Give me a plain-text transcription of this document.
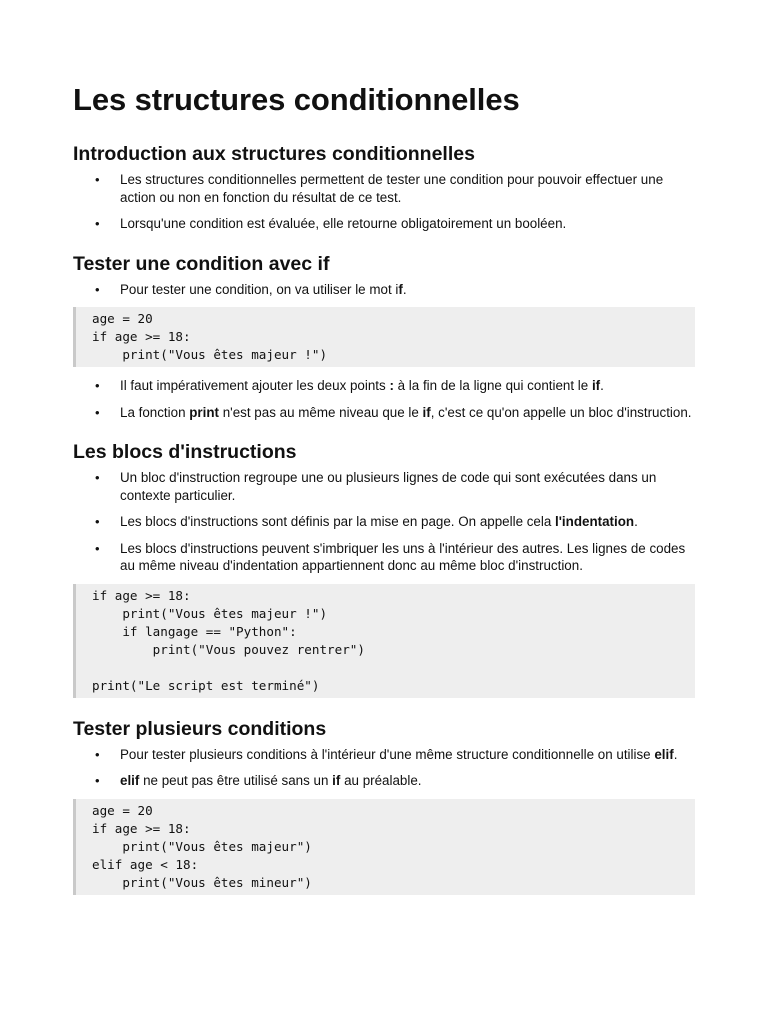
Les structures conditionnelles
Introduction aux structures conditionnelles
• Les structures conditionnelles permettent de tester une condition pour pouvoir effectuer une action ou non en fonction du résultat de ce test.
• Lorsqu'une condition est évaluée, elle retourne obligatoirement un booléen.
Tester une condition avec if
• Pour tester une condition, on va utiliser le mot if.
age = 20
if age >= 18:
print("Vous êtes majeur !")
• Il faut impérativement ajouter les deux points : à la fin de la ligne qui contient le if.
• La fonction print n'est pas au même niveau que le if, c'est ce qu'on appelle un bloc d'instruction.
Les blocs d'instructions
• Un bloc d'instruction regroupe une ou plusieurs lignes de code qui sont exécutées dans un contexte particulier.
• Les blocs d'instructions sont définis par la mise en page. On appelle cela l'indentation.
• Les blocs d'instructions peuvent s'imbriquer les uns à l'intérieur des autres. Les lignes de codes au même niveau d'indentation appartiennent donc au même bloc d'instruction.
if age >= 18:
print("Vous êtes majeur !")
if langage == "Python":
print("Vous pouvez rentrer")

print("Le script est terminé")
Tester plusieurs conditions
• Pour tester plusieurs conditions à l'intérieur d'une même structure conditionnelle on utilise elif.
• elif ne peut pas être utilisé sans un if au préalable.
age = 20
if age >= 18:
print("Vous êtes majeur")
elif age < 18:
print("Vous êtes mineur")
